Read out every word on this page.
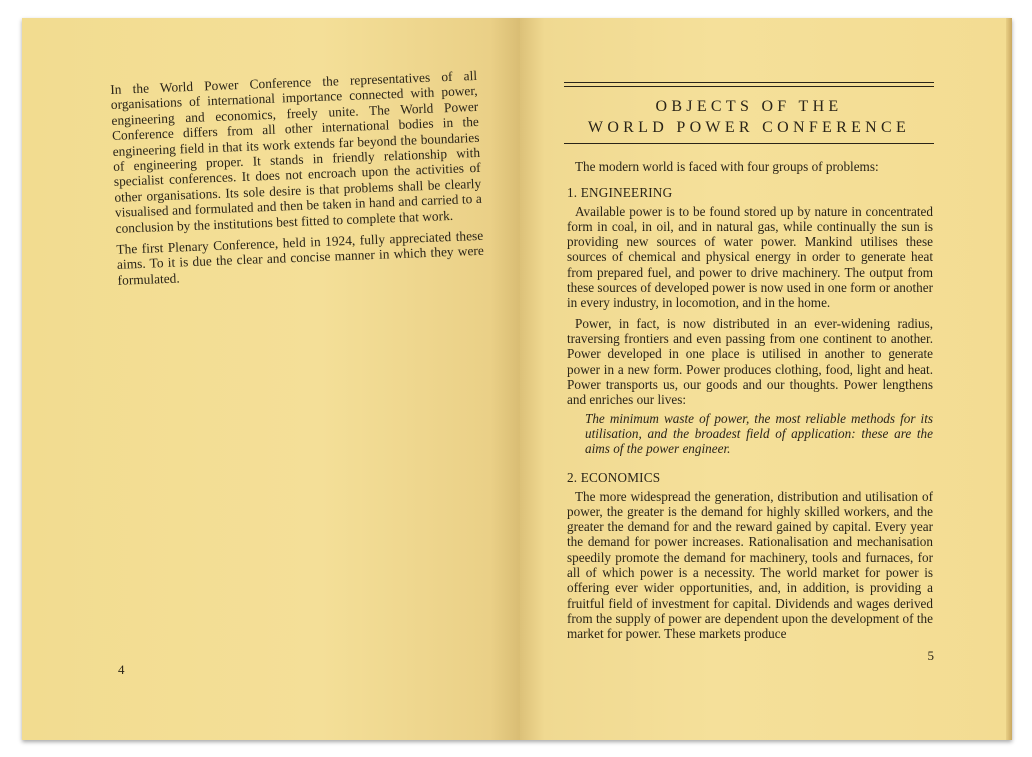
In the World Power Conference the representatives of all organisations of international importance connected with power, engineering and economics, freely unite. The World Power Conference differs from all other international bodies in the engineering field in that its work extends far beyond the boundaries of engineering proper. It stands in friendly relationship with specialist conferences. It does not encroach upon the activities of other organisations. Its sole desire is that problems shall be clearly visualised and formulated and then be taken in hand and carried to a conclusion by the institutions best fitted to complete that work.

The first Plenary Conference, held in 1924, fully appreciated these aims. To it is due the clear and concise manner in which they were formulated.

4
OBJECTS OF THE
WORLD POWER CONFERENCE

The modern world is faced with four groups of problems:

1. ENGINEERING

Available power is to be found stored up by nature in concentrated form in coal, in oil, and in natural gas, while continually the sun is providing new sources of water power. Mankind utilises these sources of chemical and physical energy in order to generate heat from prepared fuel, and power to drive machinery. The output from these sources of developed power is now used in one form or another in every industry, in locomotion, and in the home.

Power, in fact, is now distributed in an ever-widening radius, traversing frontiers and even passing from one continent to another. Power developed in one place is utilised in another to generate power in a new form. Power produces clothing, food, light and heat. Power transports us, our goods and our thoughts. Power lengthens and enriches our lives:

The minimum waste of power, the most reliable methods for its utilisation, and the broadest field of application: these are the aims of the power engineer.

2. ECONOMICS

The more widespread the generation, distribution and utilisation of power, the greater is the demand for highly skilled workers, and the greater the demand for and the reward gained by capital. Every year the demand for power increases. Rationalisation and mechanisation speedily promote the demand for machinery, tools and furnaces, for all of which power is a necessity. The world market for power is offering ever wider opportunities, and, in addition, is providing a fruitful field of investment for capital. Dividends and wages derived from the supply of power are dependent upon the development of the market for power. These markets produce

5
